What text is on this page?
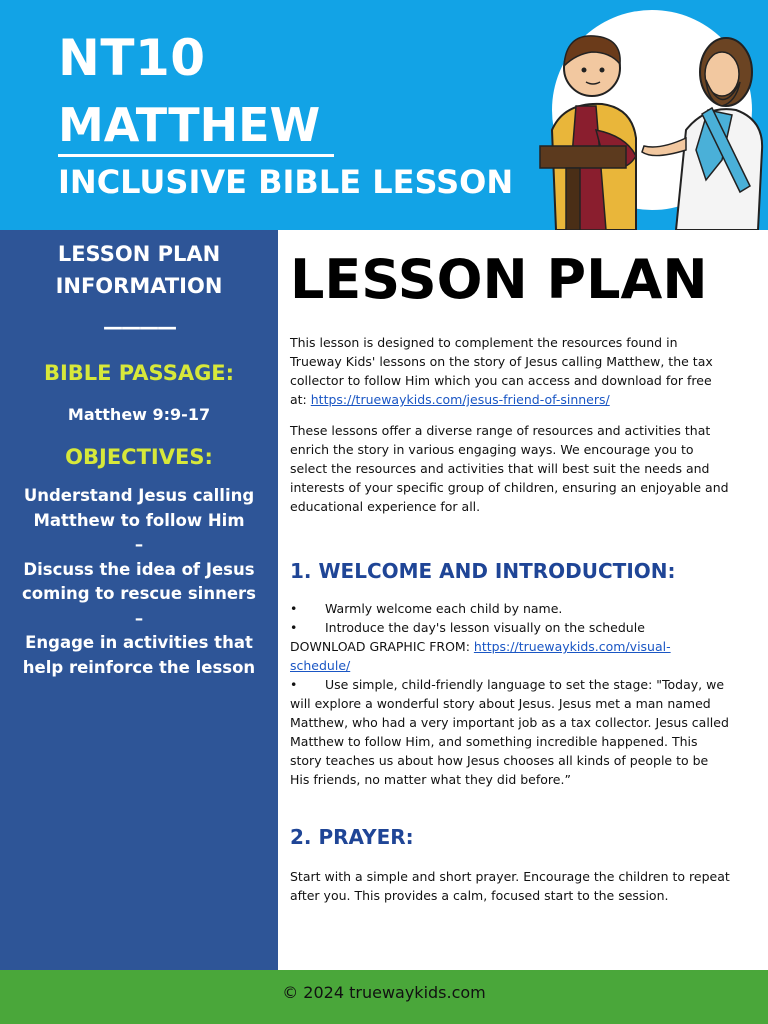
NT10
MATTHEW
INCLUSIVE BIBLE LESSON
LESSON PLAN INFORMATION
————
BIBLE PASSAGE:
Matthew 9:9-17
OBJECTIVES:
Understand Jesus calling Matthew to follow Him
–
Discuss the idea of Jesus coming to rescue sinners
–
Engage in activities that help reinforce the lesson
LESSON PLAN

This lesson is designed to complement the resources found in Trueway Kids' lessons on the story of Jesus calling Matthew, the tax collector to follow Him which you can access and download for free at: https://truewaykids.com/jesus-friend-of-sinners/

These lessons offer a diverse range of resources and activities that enrich the story in various engaging ways. We encourage you to select the resources and activities that will best suit the needs and interests of your specific group of children, ensuring an enjoyable and educational experience for all.

1. WELCOME AND INTRODUCTION:

• Warmly welcome each child by name.

• Introduce the day's lesson visually on the schedule

DOWNLOAD GRAPHIC FROM: https://truewaykids.com/visual-schedule/

• Use simple, child-friendly language to set the stage: "Today, we will explore a wonderful story about Jesus. Jesus met a man named Matthew, who had a very important job as a tax collector. Jesus called Matthew to follow Him, and something incredible happened. This story teaches us about how Jesus chooses all kinds of people to be His friends, no matter what they did before.”

2. PRAYER:

Start with a simple and short prayer. Encourage the children to repeat after you. This provides a calm, focused start to the session.

© 2024 truewaykids.com
